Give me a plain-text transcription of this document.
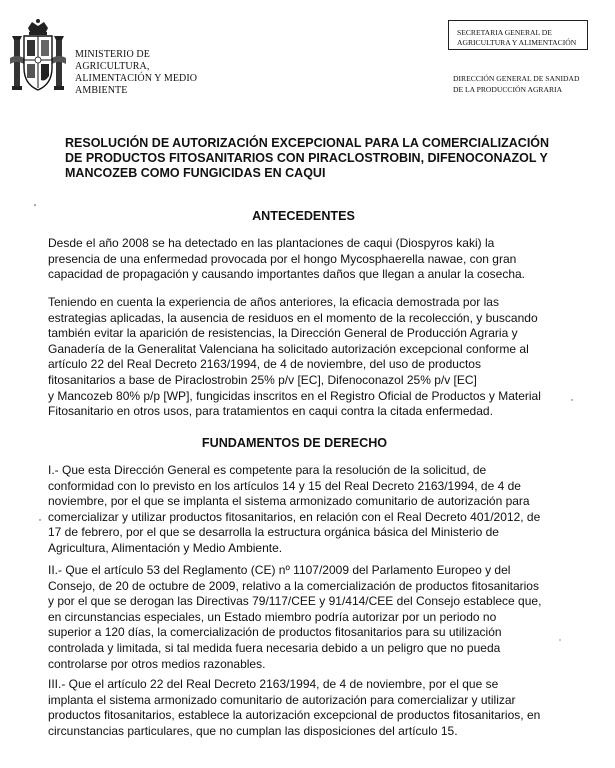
MINISTERIO DE
AGRICULTURA,
ALIMENTACIÓN Y MEDIO
AMBIENTE
SECRETARIA GENERAL DE
AGRICULTURA Y ALIMENTACIÓN
DIRECCIÓN GENERAL DE SANIDAD
DE LA PRODUCCIÓN AGRARIA
RESOLUCIÓN DE AUTORIZACIÓN EXCEPCIONAL PARA LA COMERCIALIZACIÓN
DE PRODUCTOS FITOSANITARIOS CON PIRACLOSTROBIN, DIFENOCONAZOL Y
MANCOZEB COMO FUNGICIDAS EN CAQUI
ANTECEDENTES
Desde el año 2008 se ha detectado en las plantaciones de caqui (Diospyros kaki) la
presencia de una enfermedad provocada por el hongo Mycosphaerella nawae, con gran
capacidad de propagación y causando importantes daños que llegan a anular la cosecha.
Teniendo en cuenta la experiencia de años anteriores, la eficacia demostrada por las
estrategias aplicadas, la ausencia de residuos en el momento de la recolección, y buscando
también evitar la aparición de resistencias, la Dirección General de Producción Agraria y
Ganadería de la Generalitat Valenciana ha solicitado autorización excepcional conforme al
artículo 22 del Real Decreto 2163/1994, de 4 de noviembre, del uso de productos
fitosanitarios a base de Piraclostrobin 25% p/v [EC], Difenoconazol 25% p/v [EC]
y Mancozeb 80% p/p [WP], fungicidas inscritos en el Registro Oficial de Productos y Material
Fitosanitario en otros usos, para tratamientos en caqui contra la citada enfermedad.
FUNDAMENTOS DE DERECHO
I.- Que esta Dirección General es competente para la resolución de la solicitud, de
conformidad con lo previsto en los artículos 14 y 15 del Real Decreto 2163/1994, de 4 de
noviembre, por el que se implanta el sistema armonizado comunitario de autorización para
comercializar y utilizar productos fitosanitarios, en relación con el Real Decreto 401/2012, de
17 de febrero, por el que se desarrolla la estructura orgánica básica del Ministerio de
Agricultura, Alimentación y Medio Ambiente.
II.- Que el artículo 53 del Reglamento (CE) nº 1107/2009 del Parlamento Europeo y del
Consejo, de 20 de octubre de 2009, relativo a la comercialización de productos fitosanitarios
y por el que se derogan las Directivas 79/117/CEE y 91/414/CEE del Consejo establece que,
en circunstancias especiales, un Estado miembro podría autorizar por un periodo no
superior a 120 días, la comercialización de productos fitosanitarios para su utilización
controlada y limitada, si tal medida fuera necesaria debido a un peligro que no pueda
controlarse por otros medios razonables.
III.- Que el artículo 22 del Real Decreto 2163/1994, de 4 de noviembre, por el que se
implanta el sistema armonizado comunitario de autorización para comercializar y utilizar
productos fitosanitarios, establece la autorización excepcional de productos fitosanitarios, en
circunstancias particulares, que no cumplan las disposiciones del artículo 15.
